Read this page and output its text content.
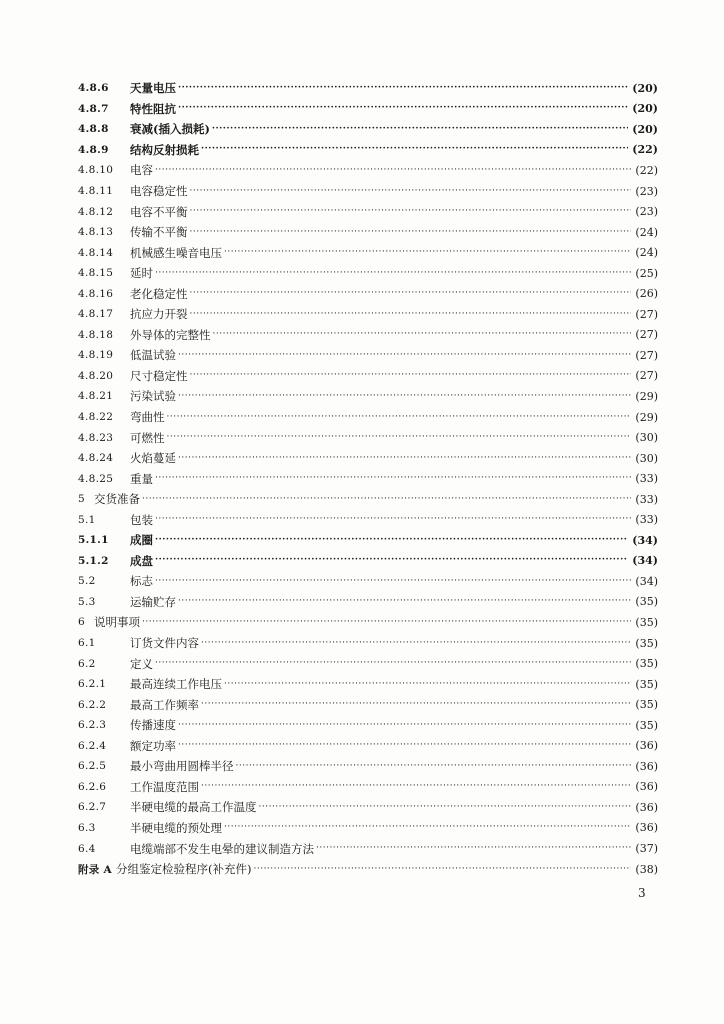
4.8.6	天量电压 ·····	(20)
4.8.7	特性阻抗 ·····	(20)
4.8.8	衰减(插入损耗) ·····	(20)
4.8.9	结构反射损耗 ·····	(22)
4.8.10	电容 ·····	(22)
4.8.11	电容稳定性 ·····	(23)
4.8.12	电容不平衡 ·····	(23)
4.8.13	传输不平衡 ·····	(24)
4.8.14	机械感生噪音电压 ·····	(24)
4.8.15	延时 ·····	(25)
4.8.16	老化稳定性 ·····	(26)
4.8.17	抗应力开裂 ·····	(27)
4.8.18	外导体的完整性 ·····	(27)
4.8.19	低温试验 ·····	(27)
4.8.20	尺寸稳定性 ·····	(27)
4.8.21	污染试验 ·····	(29)
4.8.22	弯曲性 ·····	(29)
4.8.23	可燃性 ·····	(30)
4.8.24	火焰蔓延 ·····	(30)
4.8.25	重量 ·····	(33)
5 交货准备 ·····	(33)
5.1	包装 ·····	(33)
5.1.1	成圈 ·····	(34)
5.1.2	成盘 ·····	(34)
5.2	标志 ·····	(34)
5.3	运输贮存 ·····	(35)
6 说明事项 ·····	(35)
6.1	订货文件内容 ·····	(35)
6.2	定义 ·····	(35)
6.2.1	最高连续工作电压 ·····	(35)
6.2.2	最高工作频率 ·····	(35)
6.2.3	传播速度 ·····	(35)
6.2.4	额定功率 ·····	(36)
6.2.5	最小弯曲用圆棒半径 ·····	(36)
6.2.6	工作温度范围 ·····	(36)
6.2.7	半硬电缆的最高工作温度 ·····	(36)
6.3	半硬电缆的预处理 ·····	(36)
6.4	电缆端部不发生电晕的建议制造方法 ·····	(37)
附录 A 分组鉴定检验程序(补充件) ·····	(38)
3
